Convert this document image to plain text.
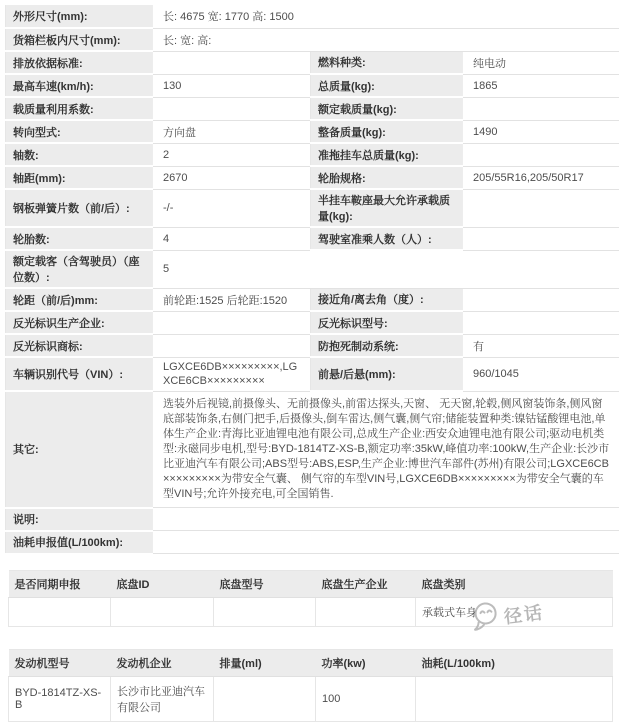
外形尺寸(mm):	长: 4675 宽: 1770 高: 1500		
货箱栏板内尺寸(mm):	长: 宽: 高:		
排放依据标准:		燃料种类:	纯电动
最高车速(km/h):	130	总质量(kg):	1865
载质量利用系数:		额定载质量(kg):	
转向型式:	方向盘	整备质量(kg):	1490
轴数:	2	准拖挂车总质量(kg):	
轴距(mm):	2670	轮胎规格:	205/55R16,205/50R17
钢板弹簧片数（前/后）:	-/-	半挂车鞍座最大允许承载质量(kg):	
轮胎数:	4	驾驶室准乘人数（人）:	
额定载客（含驾驶员）（座位数）:	5		
轮距（前/后)mm:	前轮距:1525 后轮距:1520	接近角/离去角（度）:	
反光标识生产企业:		反光标识型号:	
反光标识商标:		防抱死制动系统:	有
车辆识别代号（VIN）:	LGXCE6DB×××××××××,LGXCE6CB×××××××××	前悬/后悬(mm):	960/1045
其它:	选装外后视镜,前摄像头、无前摄像头,前雷达探头,天窗、 无天窗,轮毂,侧风窗装饰条,侧风窗底部装饰条,右侧门把手,后摄像头,倒车雷达,侧气囊,侧气帘;储能装置种类:镍钴锰酸锂电池,单体生产企业:青海比亚迪锂电池有限公司,总成生产企业:西安众迪锂电池有限公司;驱动电机类型:永磁同步电机,型号:BYD-1814TZ-XS-B,额定功率:35kW,峰值功率:100kW,生产企业:长沙市比亚迪汽车有限公司;ABS型号:ABS,ESP,生产企业:博世汽车部件(苏州)有限公司;LGXCE6CB×××××××××为带安全气囊、 侧气帘的车型VIN号,LGXCE6DB×××××××××为带安全气囊的车型VIN号;允许外接充电,可全国销售.		
说明:			
油耗申报值(L/100km):			
是否同期申报	底盘ID	底盘型号	底盘生产企业	底盘类别
				承载式车身
发动机型号	发动机企业	排量(ml)	功率(kw)	油耗(L/100km)
BYD-1814TZ-XS-B	长沙市比亚迪汽车有限公司		100	
径话
